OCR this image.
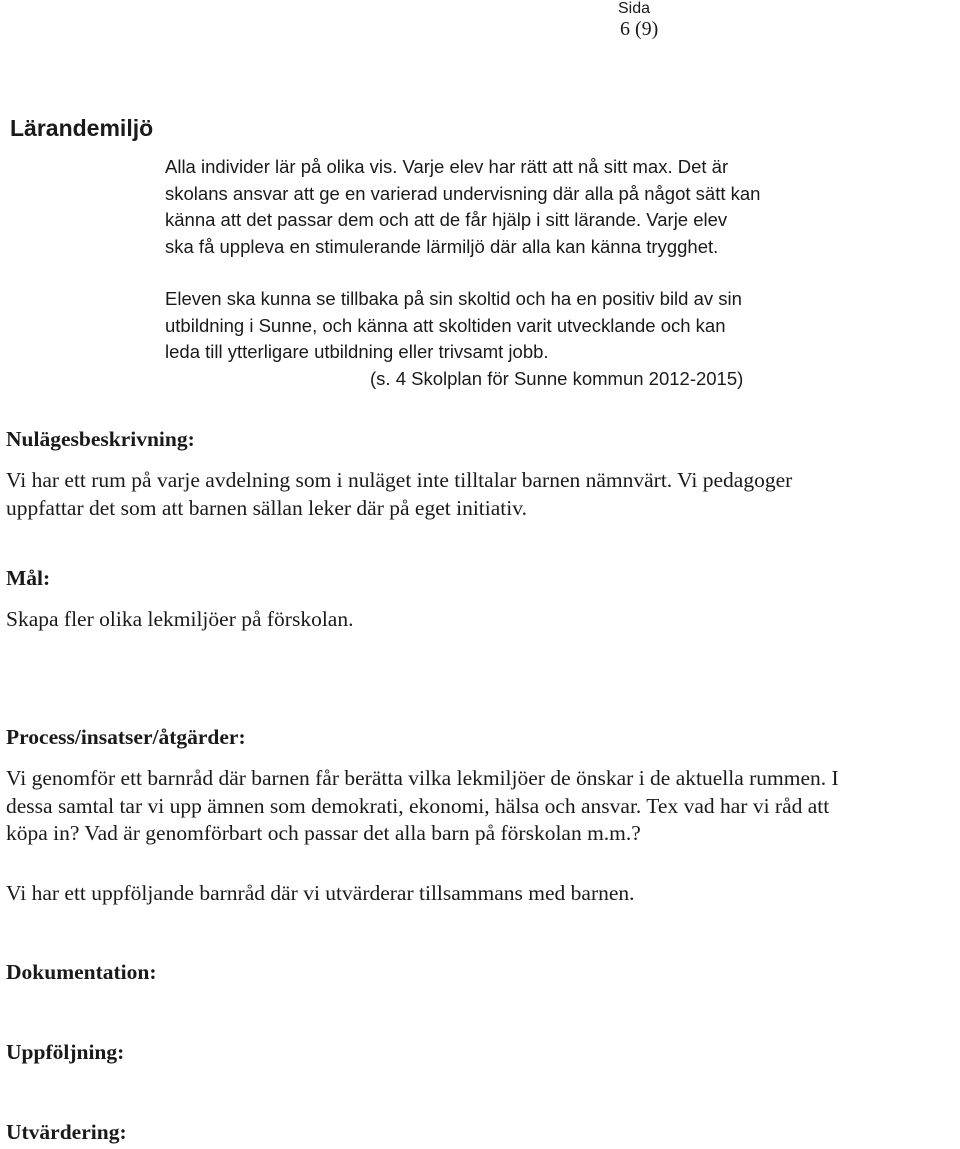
Sida
6 (9)
Lärandemiljö
Alla individer lär på olika vis. Varje elev har rätt att nå sitt max. Det är
skolans ansvar att ge en varierad undervisning där alla på något sätt kan
känna att det passar dem och att de får hjälp i sitt lärande. Varje elev
ska få uppleva en stimulerande lärmiljö där alla kan känna trygghet.
Eleven ska kunna se tillbaka på sin skoltid och ha en positiv bild av sin
utbildning i Sunne, och känna att skoltiden varit utvecklande och kan
leda till ytterligare utbildning eller trivsamt jobb.
(s. 4 Skolplan för Sunne kommun 2012-2015)
Nulägesbeskrivning:
Vi har ett rum på varje avdelning som i nuläget inte tilltalar barnen nämnvärt. Vi pedagoger
uppfattar det som att barnen sällan leker där på eget initiativ.
Mål:
Skapa fler olika lekmiljöer på förskolan.
Process/insatser/åtgärder:
Vi genomför ett barnråd där barnen får berätta vilka lekmiljöer de önskar i de aktuella rummen. I
dessa samtal tar vi upp ämnen som demokrati, ekonomi, hälsa och ansvar. Tex vad har vi råd att
köpa in? Vad är genomförbart och passar det alla barn på förskolan m.m.?
Vi har ett uppföljande barnråd där vi utvärderar tillsammans med barnen.
Dokumentation:
Uppföljning:
Utvärdering:
